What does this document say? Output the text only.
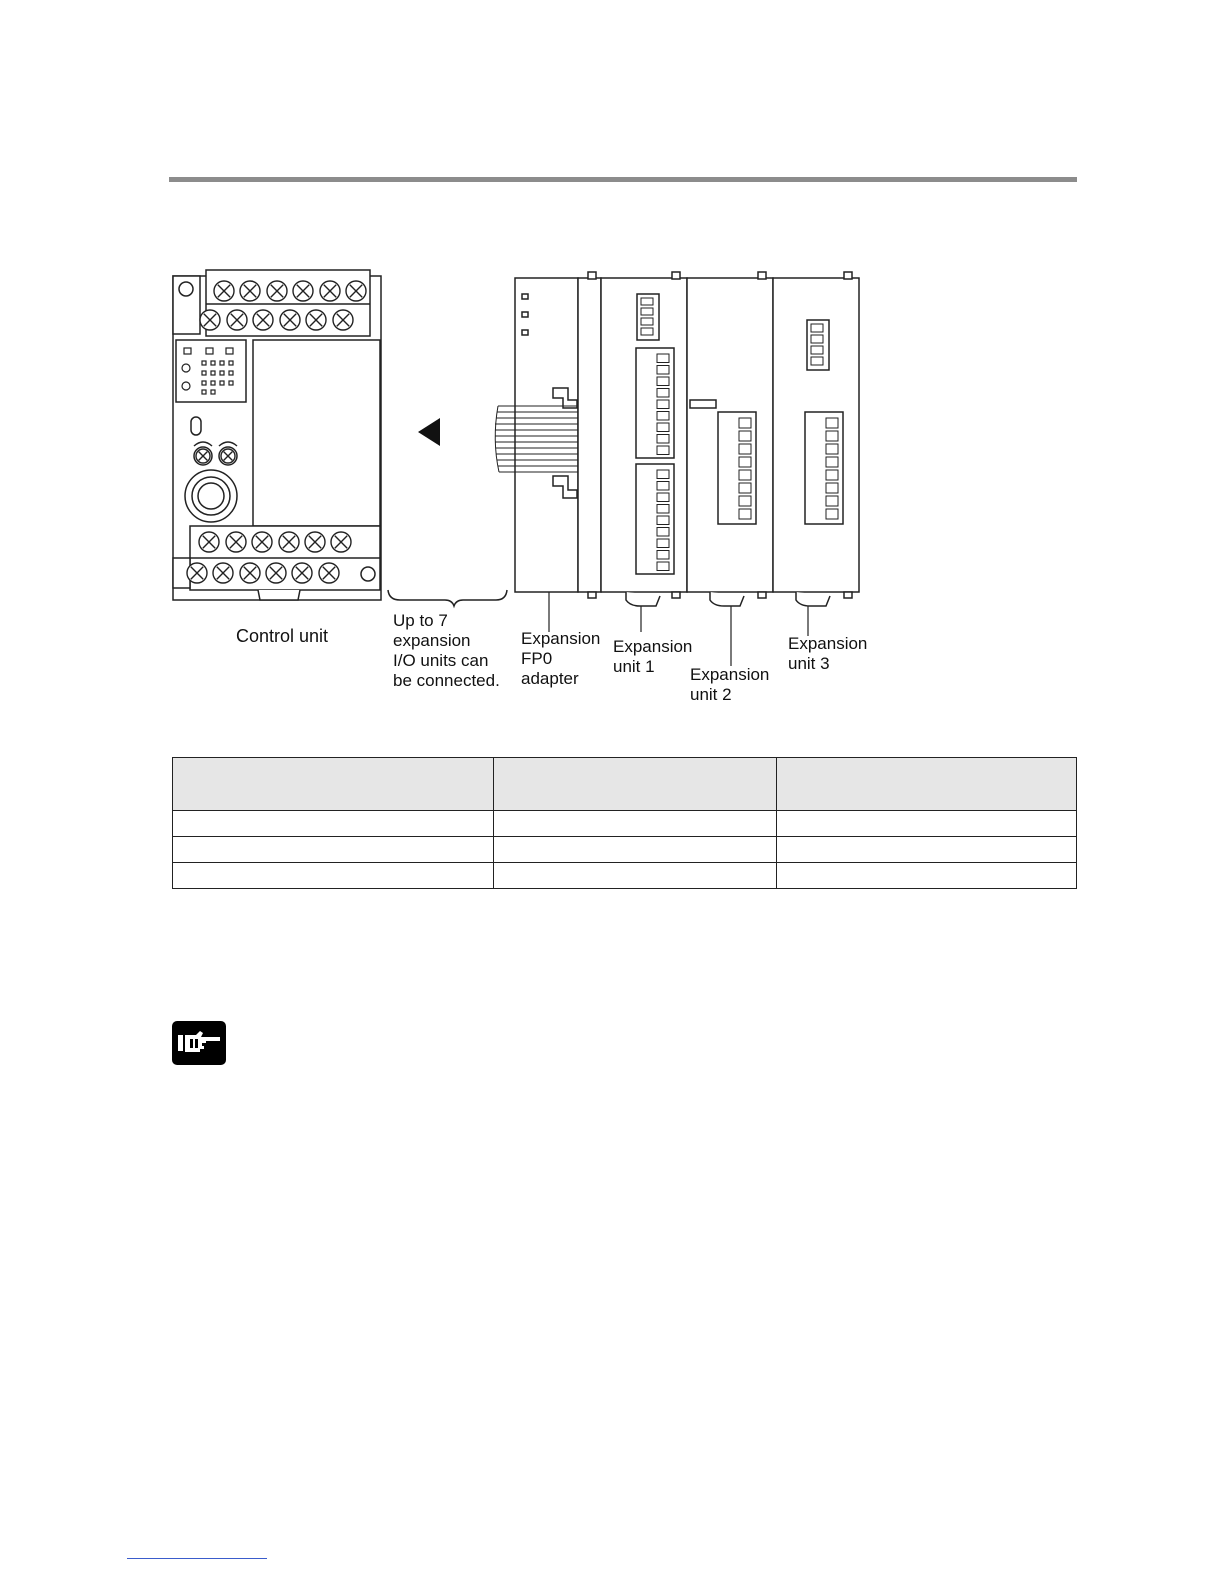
Control unit
Up to 7
expansion
I/O units can
be connected.
Expansion
FP0
adapter
Expansion
unit 1	Expansion
unit 2
Expansion
unit 3
